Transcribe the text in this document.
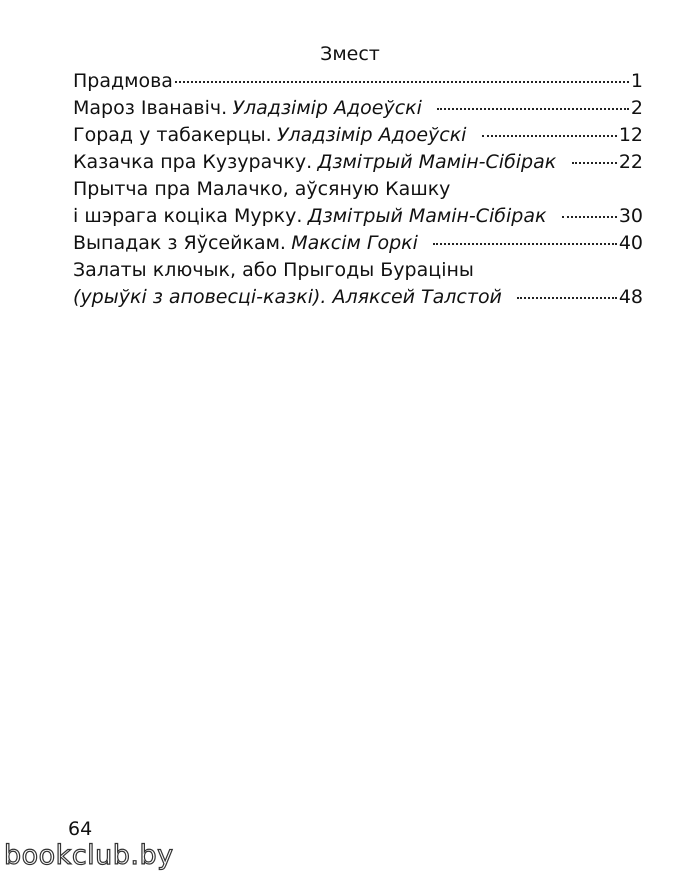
Змест
Прадмова	1
Мароз Іванавіч. Уладзімір Адоеўскі	2
Горад у табакерцы. Уладзімір Адоеўскі	12
Казачка пра Кузурачку. Дзмітрый Мамін-Сібірак	22
Прытча пра Малачко, аўсяную Кашку
і шэрага коціка Мурку. Дзмітрый Мамін-Сібірак	30
Выпадак з Яўсейкам. Максім Горкі	40
Залаты ключык, або Прыгоды Бурацiны
(урыўкі з аповесці-казкі). Аляксей Талстой	48
64
bookclub.by
